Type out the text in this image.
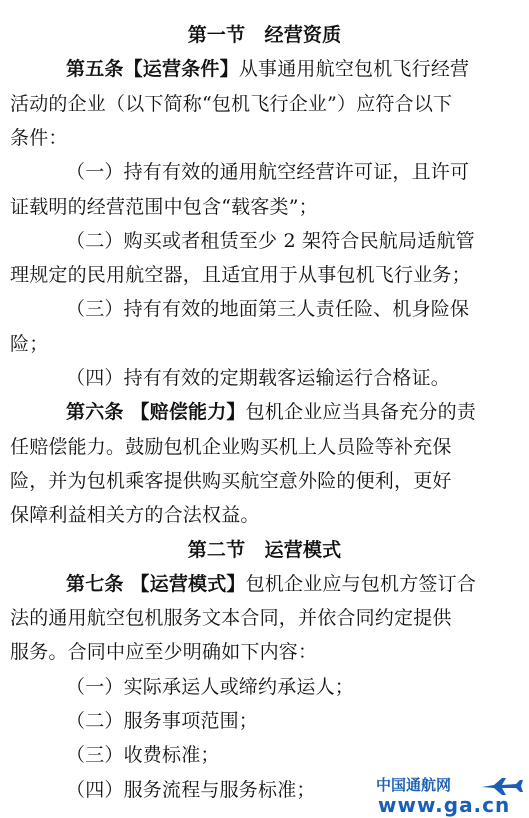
第一节　经营资质
第五条【运营条件】从事通用航空包机飞行经营
活动的企业（以下简称“包机飞行企业”）应符合以下
条件：
（一）持有有效的通用航空经营许可证，且许可
证载明的经营范围中包含“载客类”；
（二）购买或者租赁至少 2 架符合民航局适航管
理规定的民用航空器，且适宜用于从事包机飞行业务；
（三）持有有效的地面第三人责任险、机身险保
险；
（四）持有有效的定期载客运输运行合格证。
第六条 【赔偿能力】包机企业应当具备充分的责
任赔偿能力。鼓励包机企业购买机上人员险等补充保
险，并为包机乘客提供购买航空意外险的便利，更好
保障利益相关方的合法权益。
第二节　运营模式
第七条 【运营模式】包机企业应与包机方签订合
法的通用航空包机服务文本合同，并依合同约定提供
服务。合同中应至少明确如下内容：
（一）实际承运人或缔约承运人；
（二）服务事项范围；
（三）收费标准；
（四）服务流程与服务标准；	中国通航网
www.ga.cn
